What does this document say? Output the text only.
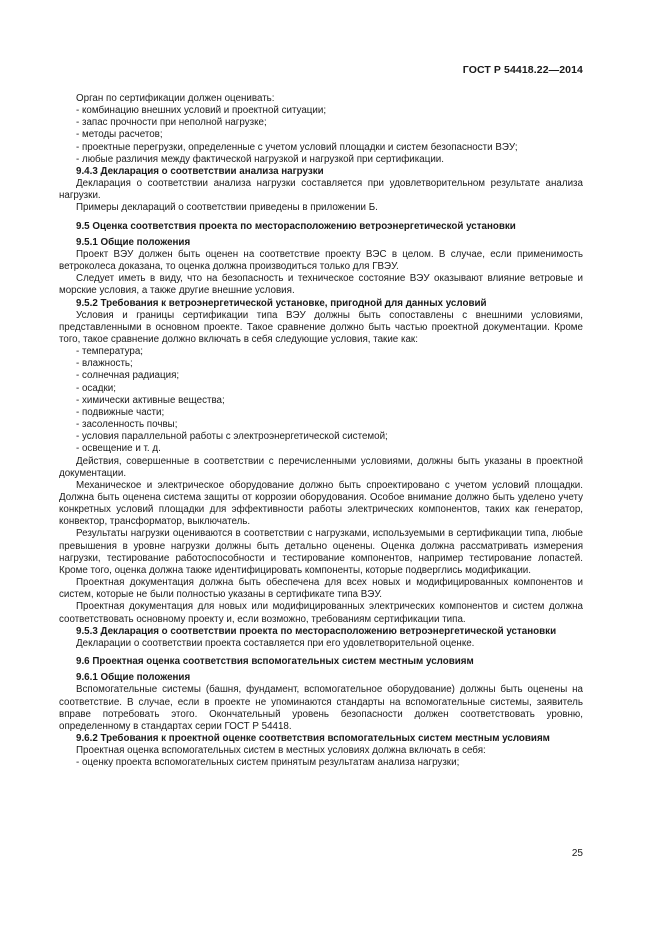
ГОСТ Р 54418.22—2014

Орган по сертификации должен оценивать:

- комбинацию внешних условий и проектной ситуации;

- запас прочности при неполной нагрузке;

- методы расчетов;

- проектные перегрузки, определенные с учетом условий площадки и систем безопасности ВЭУ;

- любые различия между фактической нагрузкой и нагрузкой при сертификации.

9.4.3 Декларация о соответствии анализа нагрузки

Декларация о соответствии анализа нагрузки составляется при удовлетворительном результате анализа нагрузки.

Примеры деклараций о соответствии приведены в приложении Б.

9.5 Оценка соответствия проекта по месторасположению ветроэнергетической установки

9.5.1 Общие положения

Проект ВЭУ должен быть оценен на соответствие проекту ВЭС в целом. В случае, если применимость ветроколеса доказана, то оценка должна производиться только для ГВЭУ.

Следует иметь в виду, что на безопасность и техническое состояние ВЭУ оказывают влияние ветровые и морские условия, а также другие внешние условия.

9.5.2 Требования к ветроэнергетической установке, пригодной для данных условий

Условия и границы сертификации типа ВЭУ должны быть сопоставлены с внешними условиями, представленными в основном проекте. Такое сравнение должно быть частью проектной документации. Кроме того, такое сравнение должно включать в себя следующие условия, такие как:

- температура;

- влажность;

- солнечная радиация;

- осадки;

- химически активные вещества;

- подвижные части;

- засоленность почвы;

- условия параллельной работы с электроэнергетической системой;

- освещение и т. д.

Действия, совершенные в соответствии с перечисленными условиями, должны быть указаны в проектной документации.

Механическое и электрическое оборудование должно быть спроектировано с учетом условий площадки. Должна быть оценена система защиты от коррозии оборудования. Особое внимание должно быть уделено учету конкретных условий площадки для эффективности работы электрических компонентов, таких как генератор, конвектор, трансформатор, выключатель.

Результаты нагрузки оцениваются в соответствии с нагрузками, используемыми в сертификации типа, любые превышения в уровне нагрузки должны быть детально оценены. Оценка должна рассматривать измерения нагрузки, тестирование работоспособности и тестирование компонентов, например тестирование лопастей. Кроме того, оценка должна также идентифицировать компоненты, которые подверглись модификации.

Проектная документация должна быть обеспечена для всех новых и модифицированных компонентов и систем, которые не были полностью указаны в сертификате типа ВЭУ.

Проектная документация для новых или модифицированных электрических компонентов и систем должна соответствовать основному проекту и, если возможно, требованиям сертификации типа.

9.5.3 Декларация о соответствии проекта по месторасположению ветроэнергетической установки

Декларации о соответствии проекта составляется при его удовлетворительной оценке.

9.6 Проектная оценка соответствия вспомогательных систем местным условиям

9.6.1 Общие положения

Вспомогательные системы (башня, фундамент, вспомогательное оборудование) должны быть оценены на соответствие. В случае, если в проекте не упоминаются стандарты на вспомогательные системы, заявитель вправе потребовать этого. Окончательный уровень безопасности должен соответствовать уровню, определенному в стандартах серии ГОСТ Р 54418.

9.6.2 Требования к проектной оценке соответствия вспомогательных систем местным условиям

Проектная оценка вспомогательных систем в местных условиях должна включать в себя:

- оценку проекта вспомогательных систем принятым результатам анализа нагрузки;

25
